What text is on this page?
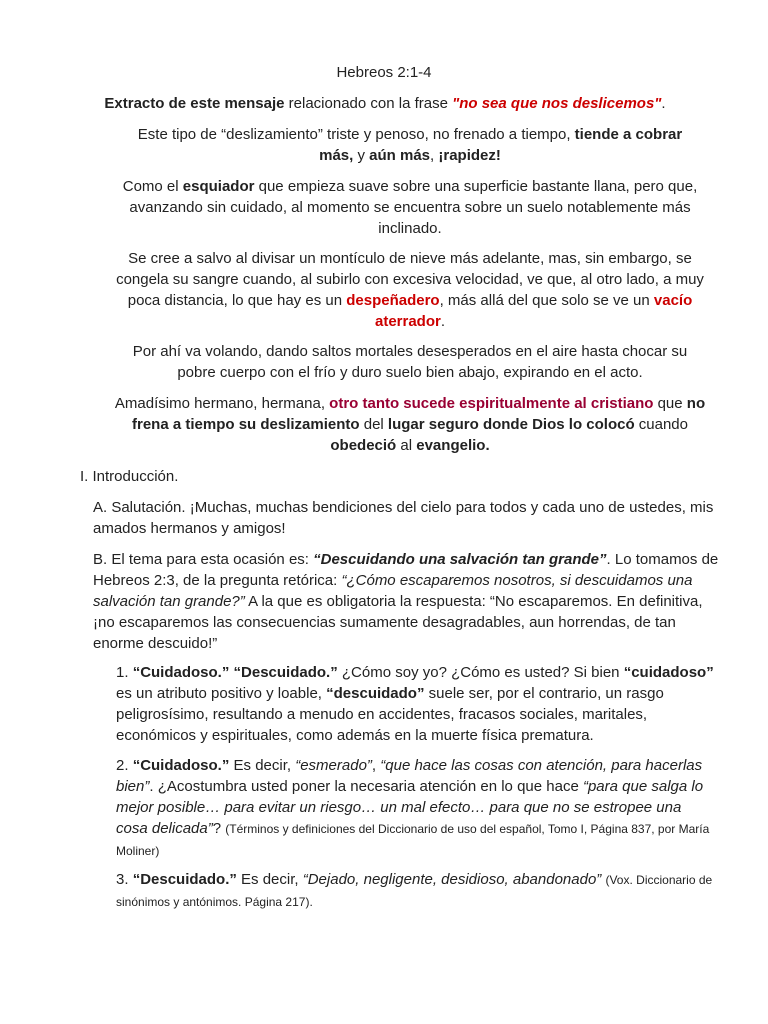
Hebreos 2:1-4

Extracto de este mensaje relacionado con la frase "no sea que nos deslicemos".

Este tipo de “deslizamiento” triste y penoso, no frenado a tiempo, tiende a cobrar más, y aún más, ¡rapidez!

Como el esquiador que empieza suave sobre una superficie bastante llana, pero que, avanzando sin cuidado, al momento se encuentra sobre un suelo notablemente más inclinado.

Se cree a salvo al divisar un montículo de nieve más adelante, mas, sin embargo, se congela su sangre cuando, al subirlo con excesiva velocidad, ve que, al otro lado, a muy poca distancia, lo que hay es un despeñadero, más allá del que solo se ve un vacío aterrador.

Por ahí va volando, dando saltos mortales desesperados en el aire hasta chocar su pobre cuerpo con el frío y duro suelo bien abajo, expirando en el acto.

Amadísimo hermano, hermana, otro tanto sucede espiritualmente al cristiano que no frena a tiempo su deslizamiento del lugar seguro donde Dios lo colocó cuando obedeció al evangelio.

I. Introducción.

A. Salutación. ¡Muchas, muchas bendiciones del cielo para todos y cada uno de ustedes, mis amados hermanos y amigos!

B. El tema para esta ocasión es: “Descuidando una salvación tan grande”. Lo tomamos de Hebreos 2:3, de la pregunta retórica: “¿Cómo escaparemos nosotros, si descuidamos una salvación tan grande?” A la que es obligatoria la respuesta: “No escaparemos. En definitiva, ¡no escaparemos las consecuencias sumamente desagradables, aun horrendas, de tan enorme descuido!”

1. “Cuidadoso.” “Descuidado.” ¿Cómo soy yo? ¿Cómo es usted? Si bien “cuidadoso” es un atributo positivo y loable, “descuidado” suele ser, por el contrario, un rasgo peligrosísimo, resultando a menudo en accidentes, fracasos sociales, maritales, económicos y espirituales, como además en la muerte física prematura.

2. “Cuidadoso.” Es decir, “esmerado”, “que hace las cosas con atención, para hacerlas bien”. ¿Acostumbra usted poner la necesaria atención en lo que hace “para que salga lo mejor posible… para evitar un riesgo… un mal efecto… para que no se estropee una cosa delicada”? (Términos y definiciones del Diccionario de uso del español, Tomo I, Página 837, por María Moliner)

3. “Descuidado.” Es decir, “Dejado, negligente, desidioso, abandonado” (Vox. Diccionario de sinónimos y antónimos. Página 217).
